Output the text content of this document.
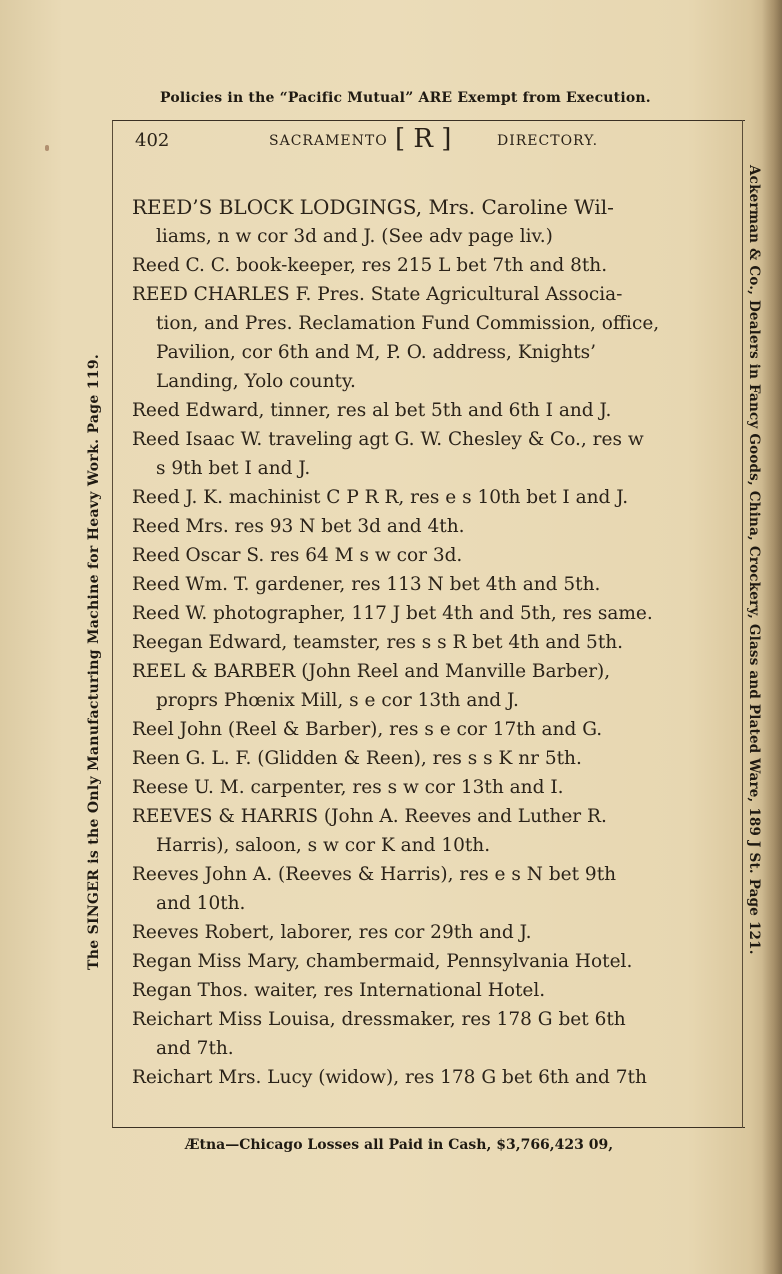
Policies in the “Pacific Mutual” ARE Exempt from Execution.
The SINGER is the Only Manufacturing Machine for Heavy Work. Page 119.	Ackerman & Co., Dealers in Fancy Goods, China, Crockery, Glass and Plated Ware, 189 J St. Page 121.
402	SACRAMENTO [ R ]	DIRECTORY.
REED’S BLOCK LODGINGS, Mrs. Caroline Wil-
liams, n w cor 3d and J. (See adv page liv.)
Reed C. C. book-keeper, res 215 L bet 7th and 8th.
REED CHARLES F. Pres. State Agricultural Associa-
tion, and Pres. Reclamation Fund Commission, office,
Pavilion, cor 6th and M, P. O. address, Knights’
Landing, Yolo county.
Reed Edward, tinner, res al bet 5th and 6th I and J.
Reed Isaac W. traveling agt G. W. Chesley & Co., res w
s 9th bet I and J.
Reed J. K. machinist C P R R, res e s 10th bet I and J.
Reed Mrs. res 93 N bet 3d and 4th.
Reed Oscar S. res 64 M s w cor 3d.
Reed Wm. T. gardener, res 113 N bet 4th and 5th.
Reed W. photographer, 117 J bet 4th and 5th, res same.
Reegan Edward, teamster, res s s R bet 4th and 5th.
REEL & BARBER (John Reel and Manville Barber),
proprs Phœnix Mill, s e cor 13th and J.
Reel John (Reel & Barber), res s e cor 17th and G.
Reen G. L. F. (Glidden & Reen), res s s K nr 5th.
Reese U. M. carpenter, res s w cor 13th and I.
REEVES & HARRIS (John A. Reeves and Luther R.
Harris), saloon, s w cor K and 10th.
Reeves John A. (Reeves & Harris), res e s N bet 9th
and 10th.
Reeves Robert, laborer, res cor 29th and J.
Regan Miss Mary, chambermaid, Pennsylvania Hotel.
Regan Thos. waiter, res International Hotel.
Reichart Miss Louisa, dressmaker, res 178 G bet 6th
and 7th.
Reichart Mrs. Lucy (widow), res 178 G bet 6th and 7th
Ætna—Chicago Losses all Paid in Cash, $3,766,423 09,
